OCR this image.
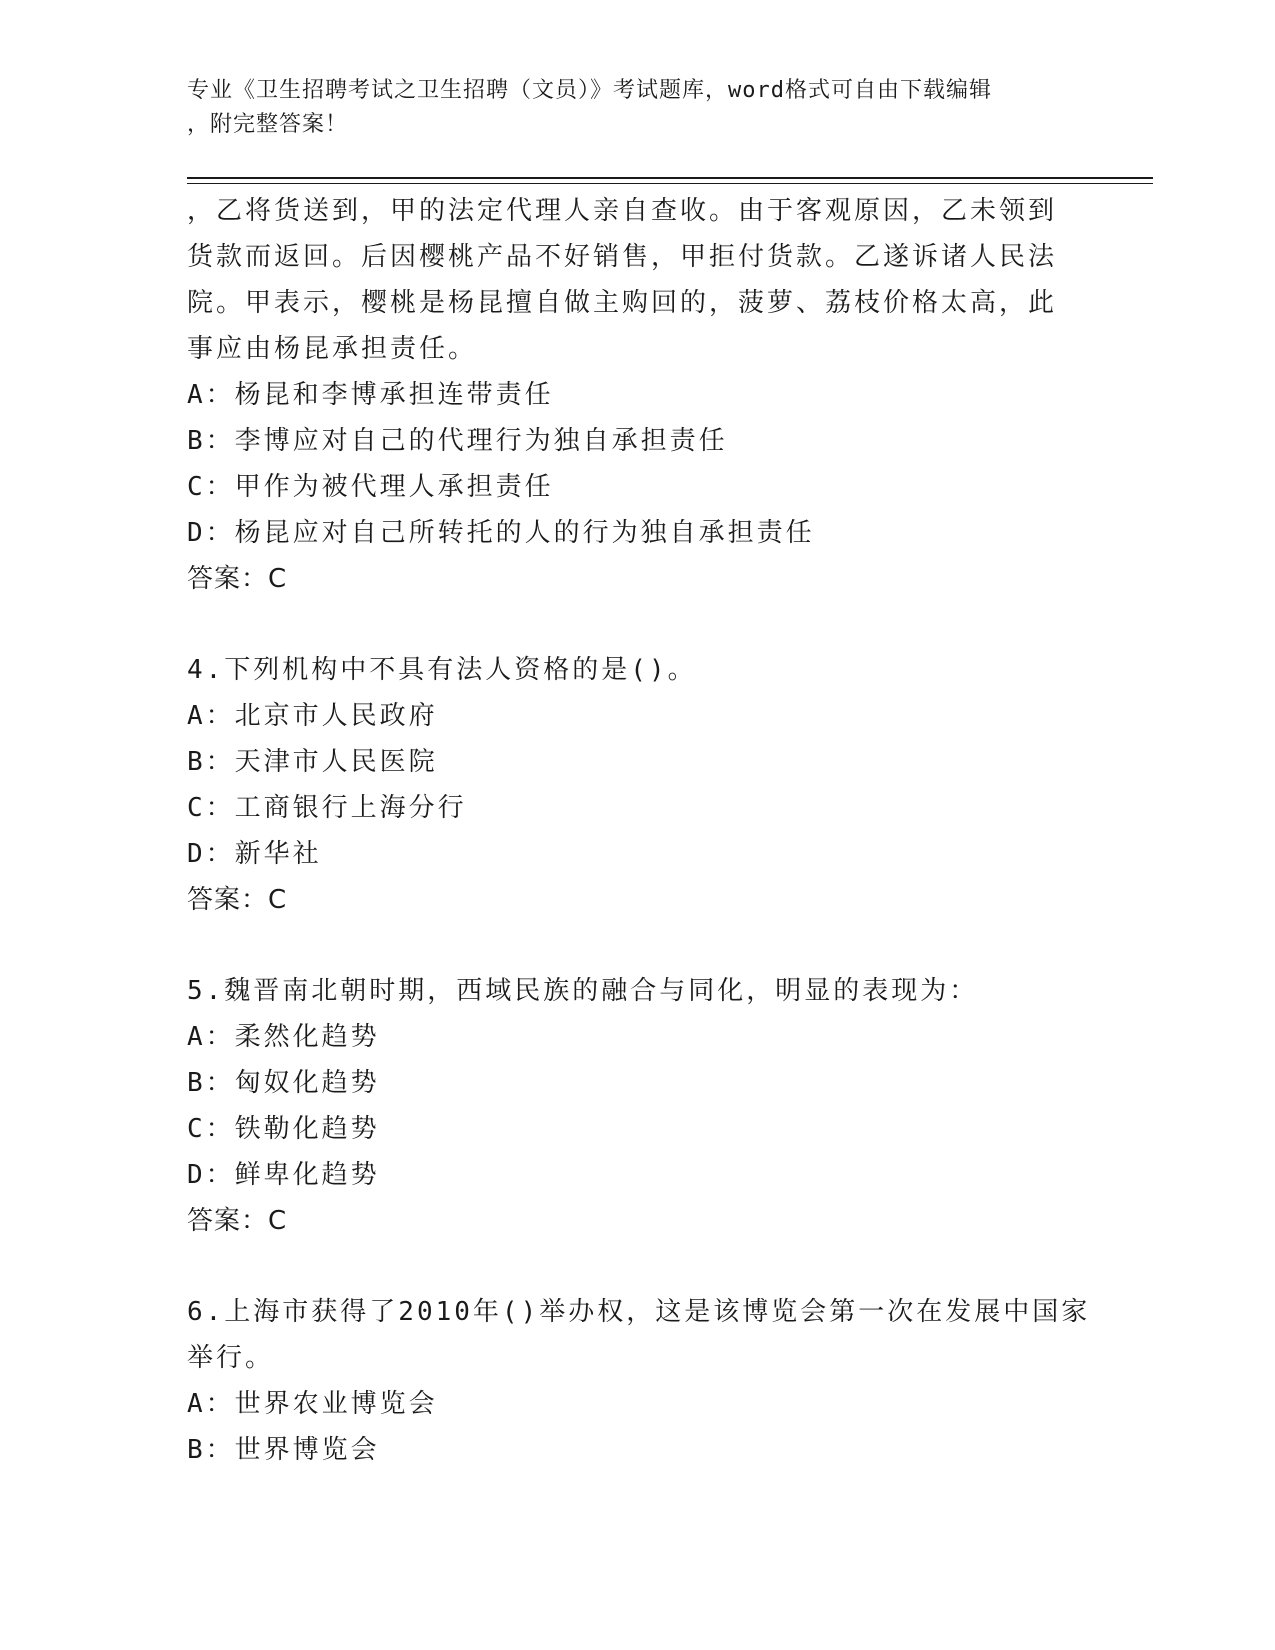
专业《卫生招聘考试之卫生招聘（文员）》考试题库，word格式可自由下载编辑
，附完整答案！
，乙将货送到，甲的法定代理人亲自查收。由于客观原因，乙未领到
货款而返回。后因樱桃产品不好销售，甲拒付货款。乙遂诉诸人民法
院。甲表示，樱桃是杨昆擅自做主购回的，菠萝、荔枝价格太高，此
事应由杨昆承担责任。
A：杨昆和李博承担连带责任
B：李博应对自己的代理行为独自承担责任
C：甲作为被代理人承担责任
D：杨昆应对自己所转托的人的行为独自承担责任
答案：C
4.下列机构中不具有法人资格的是()。
A：北京市人民政府
B：天津市人民医院
C：工商银行上海分行
D：新华社
答案：C
5.魏晋南北朝时期，西域民族的融合与同化，明显的表现为：
A：柔然化趋势
B：匈奴化趋势
C：铁勒化趋势
D：鲜卑化趋势
答案：C
6.上海市获得了2010年()举办权，这是该博览会第一次在发展中国家
举行。
A：世界农业博览会
B：世界博览会
